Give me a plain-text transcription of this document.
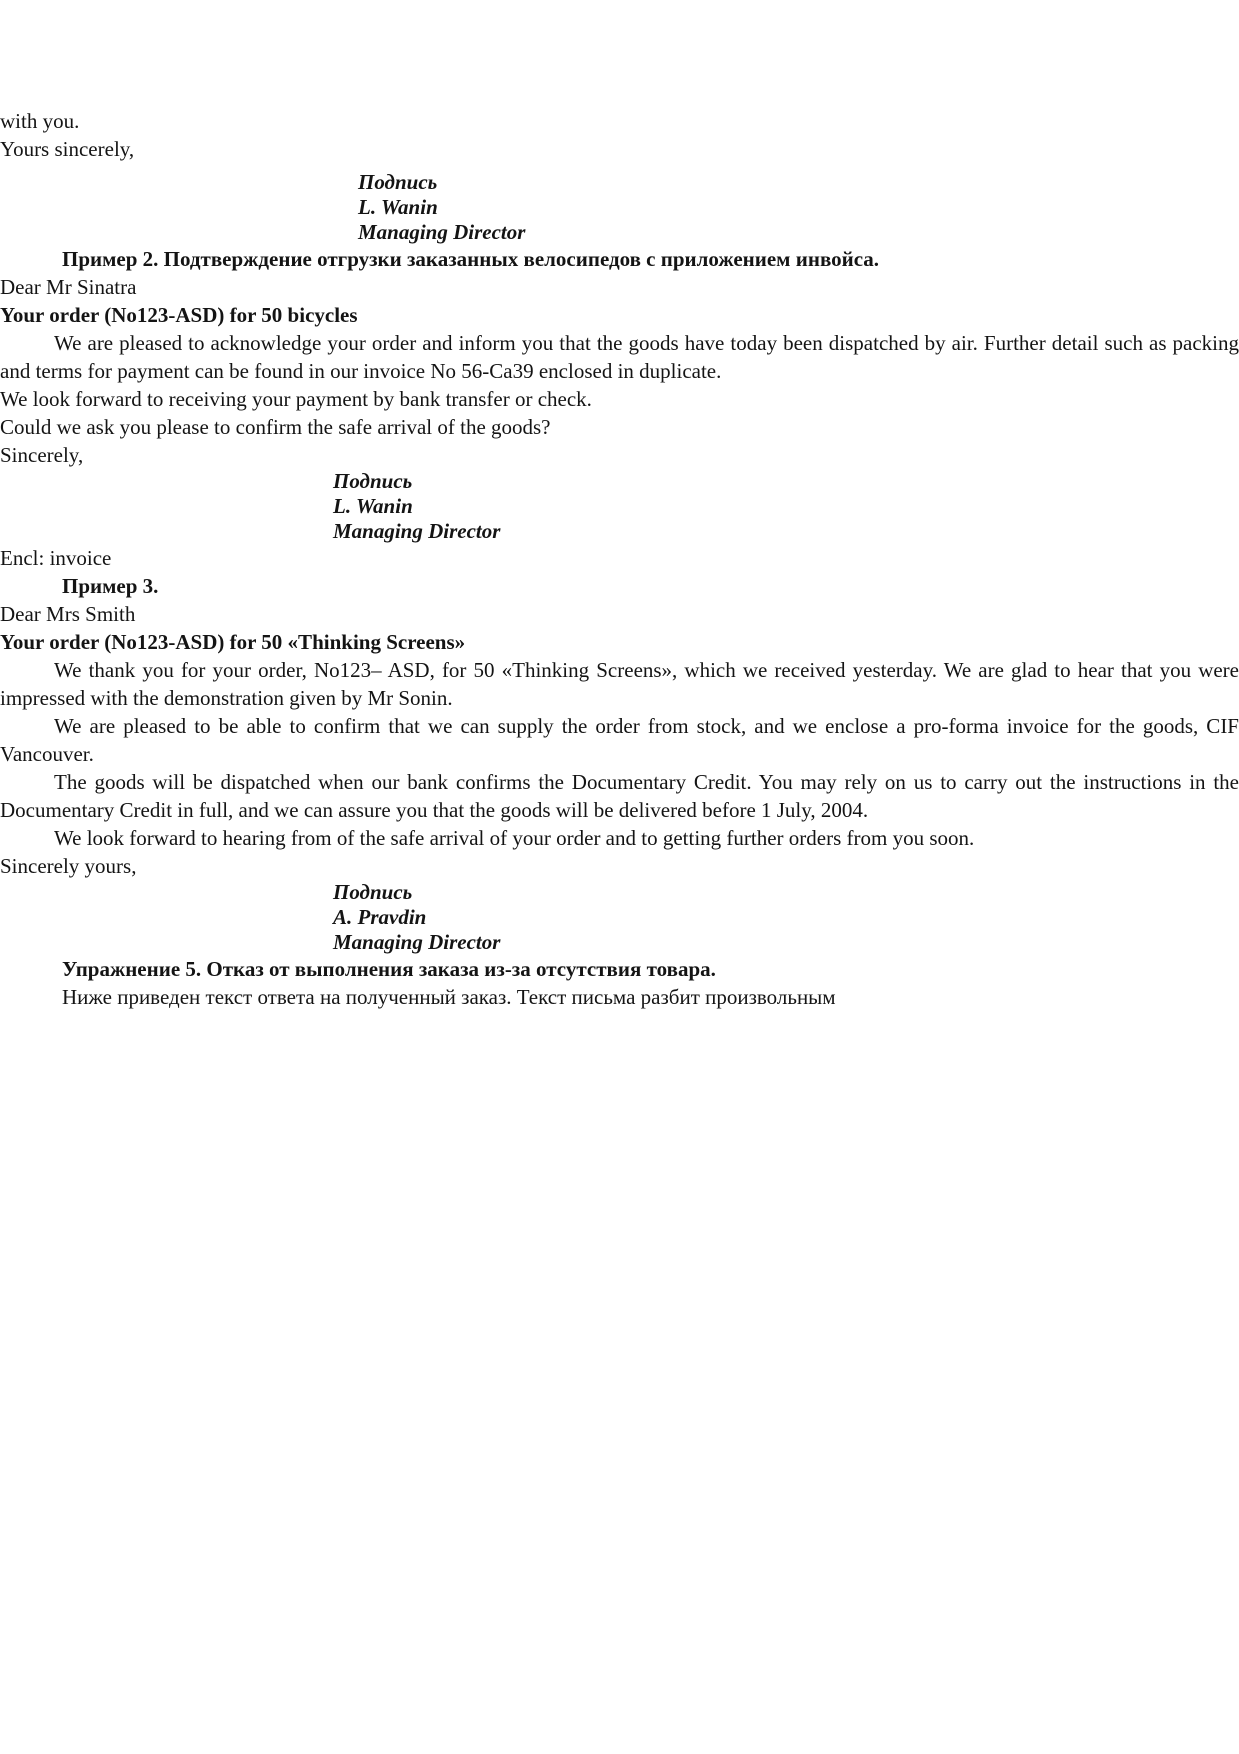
with you.

Yours sincerely,

Подпись

L. Wanin

Managing Director

Пример 2. Подтверждение отгрузки заказанных велосипедов с приложением инвойса.

Dear Mr Sinatra

Your order (No123-ASD) for 50 bicycles

We are pleased to acknowledge your order and inform you that the goods have today been dispatched by air. Further detail such as packing and terms for payment can be found in our invoice No 56-Ca39 enclosed in duplicate.

We look forward to receiving your payment by bank transfer or check.

Could we ask you please to confirm the safe arrival of the goods?

Sincerely,

Подпись

L. Wanin

Managing Director

Encl: invoice

Пример 3.

Dear Mrs Smith

Your order (No123-ASD) for 50 «Thinking Screens»

We thank you for your order, No123– ASD, for 50 «Thinking Screens», which we received yesterday. We are glad to hear that you were impressed with the demonstration given by Mr Sonin.

We are pleased to be able to confirm that we can supply the order from stock, and we enclose a pro-forma invoice for the goods, CIF Vancouver.

The goods will be dispatched when our bank confirms the Documentary Credit. You may rely on us to carry out the instructions in the Documentary Credit in full, and we can assure you that the goods will be delivered before 1 July, 2004.

We look forward to hearing from of the safe arrival of your order and to getting further orders from you soon.

Sincerely yours,

Подпись

A. Pravdin

Managing Director

Упражнение 5. Отказ от выполнения заказа из-за отсутствия товара.

Ниже приведен текст ответа на полученный заказ. Текст письма разбит произвольным
